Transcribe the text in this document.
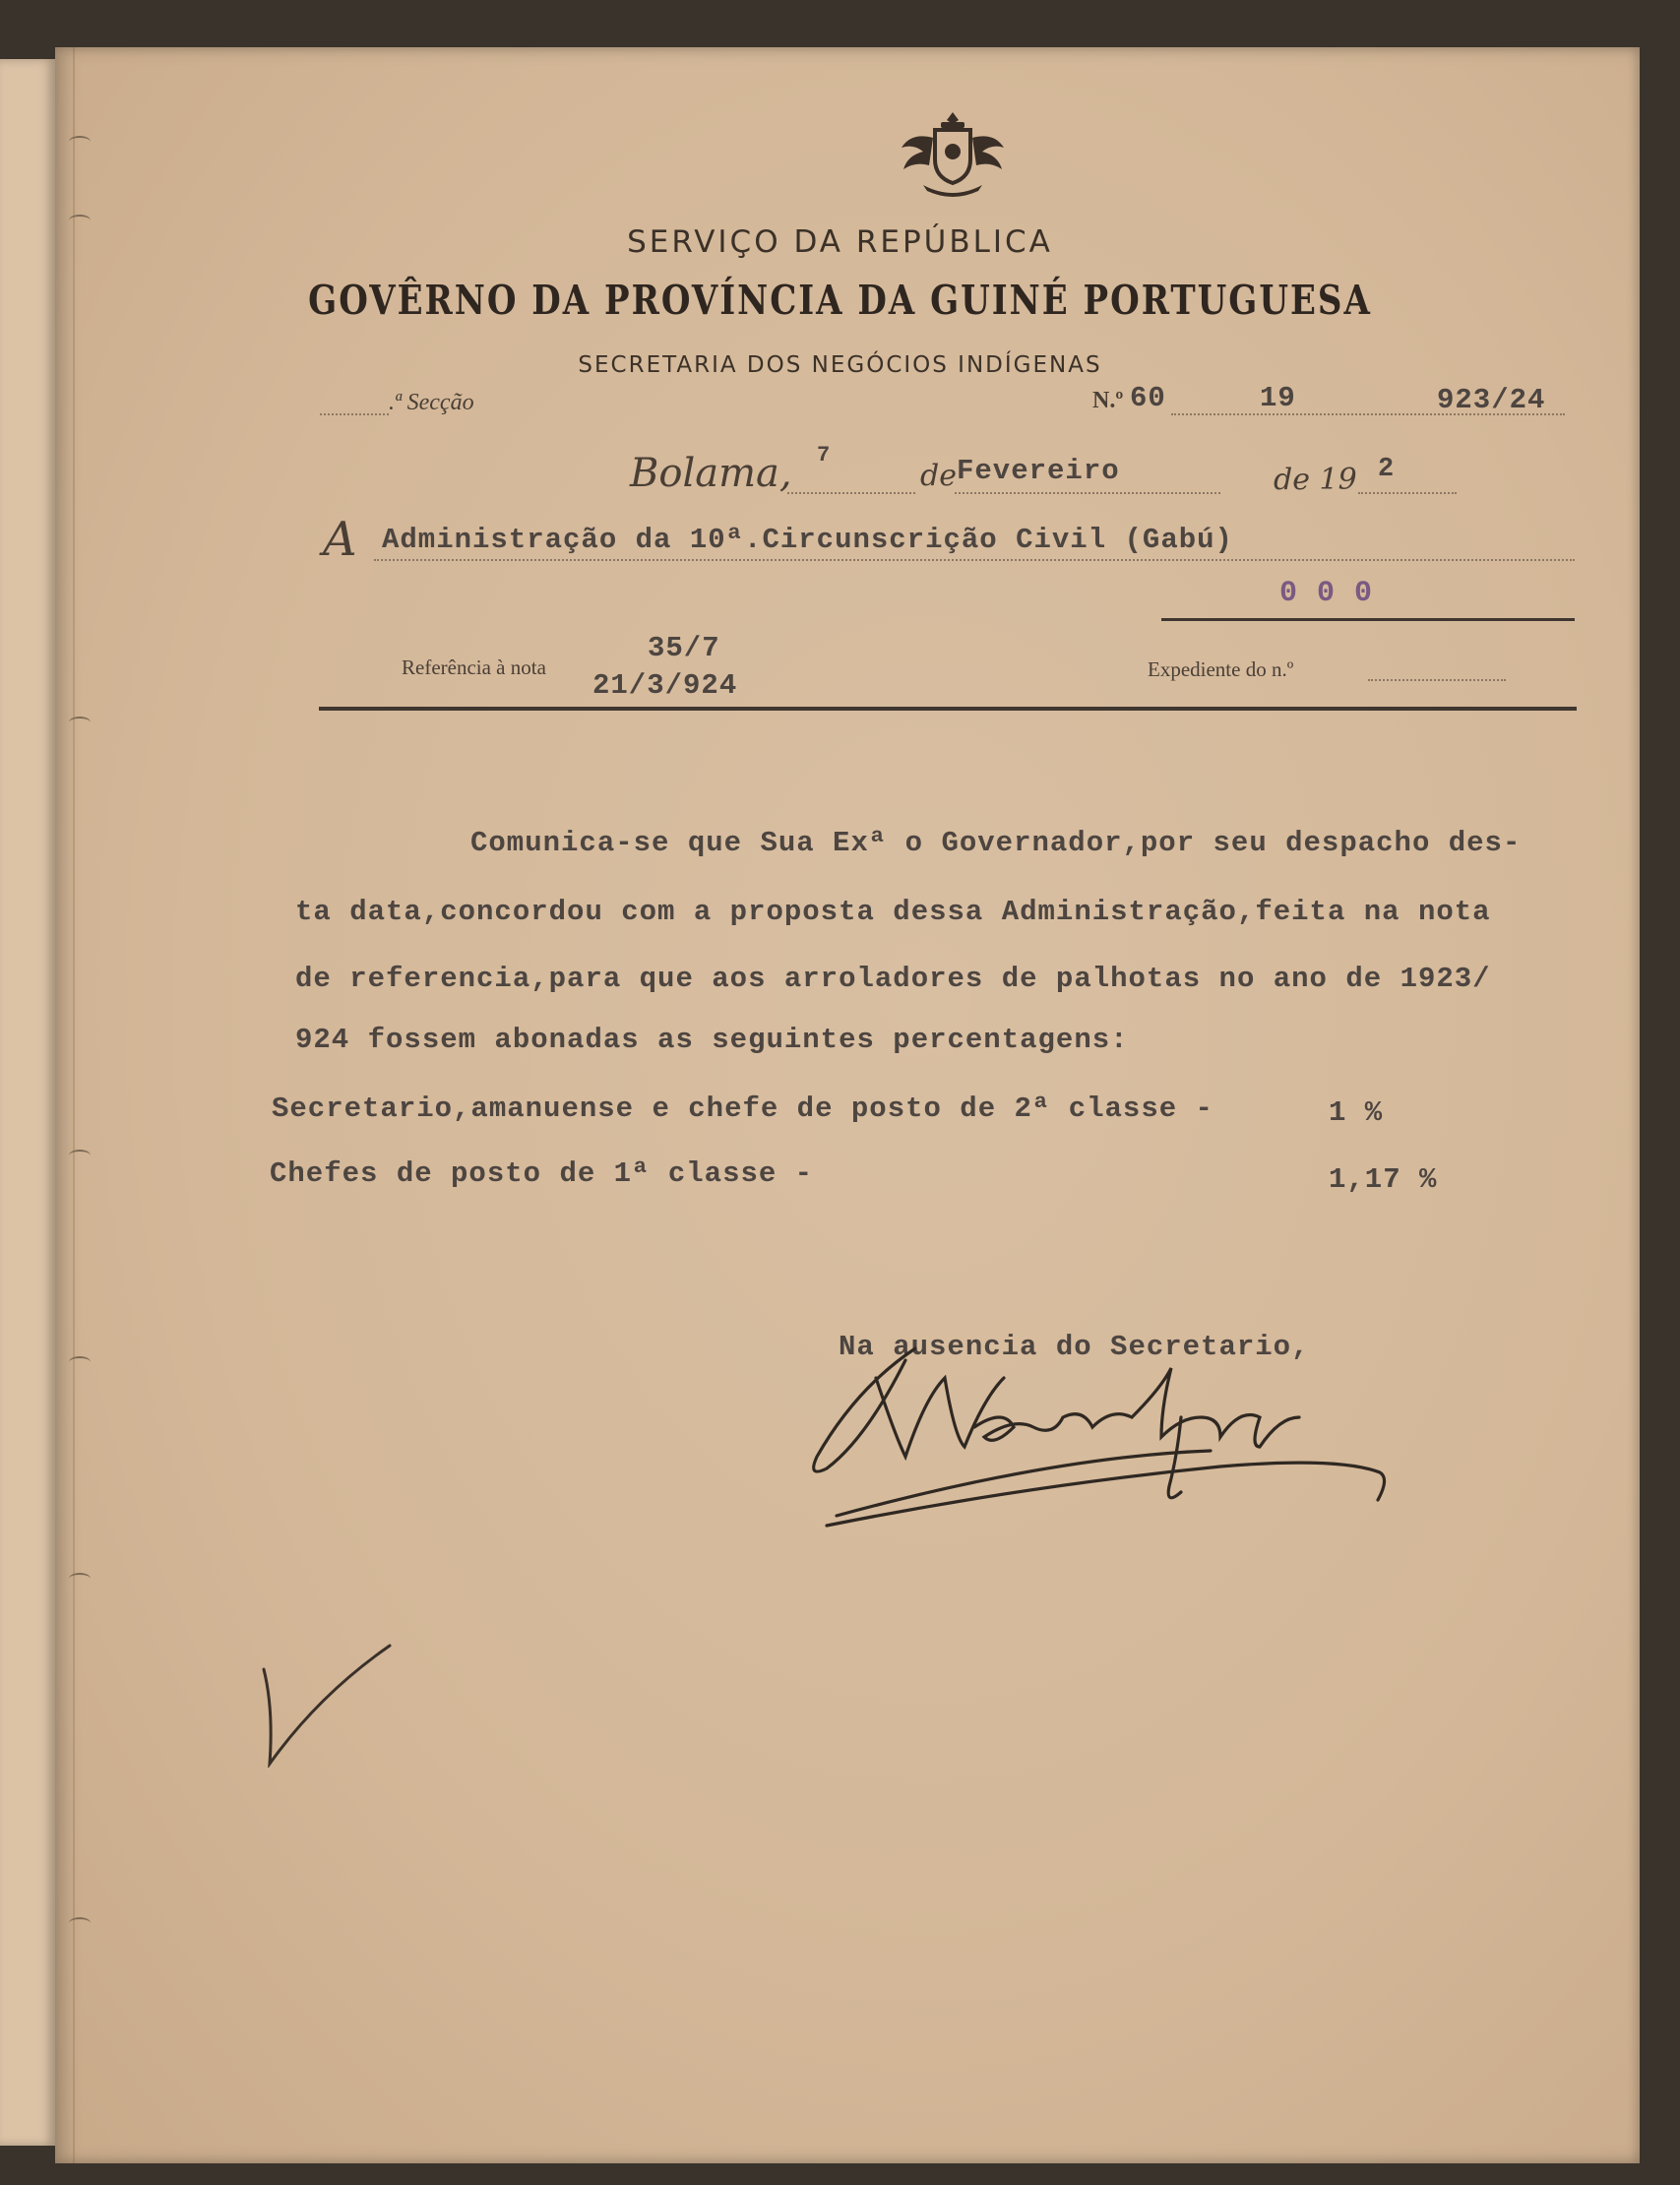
SERVIÇO DA REPÚBLICA
GOVÊRNO DA PROVÍNCIA DA GUINÉ PORTUGUESA
SECRETARIA DOS NEGÓCIOS INDÍGENAS
.ª Secção	N.º 60	19	923/24
Bolama, 7
de Fevereiro	de 19 2
A Administração da 10ª.Circunscrição Civil (Gabú)
0 0 0
Referência à nota
35/7
21/3/924	Expediente do n.º
Comunica-se que Sua Exª o Governador,por seu despacho des-
ta data,concordou com a proposta dessa Administração,feita na nota
de referencia,para que aos arroladores de palhotas no ano de 1923/
924 fossem abonadas as seguintes percentagens:
Secretario,amanuense e chefe de posto de 2ª classe -	1 %
Chefes de posto de 1ª classe -	1,17 %
Na ausencia do Secretario,
